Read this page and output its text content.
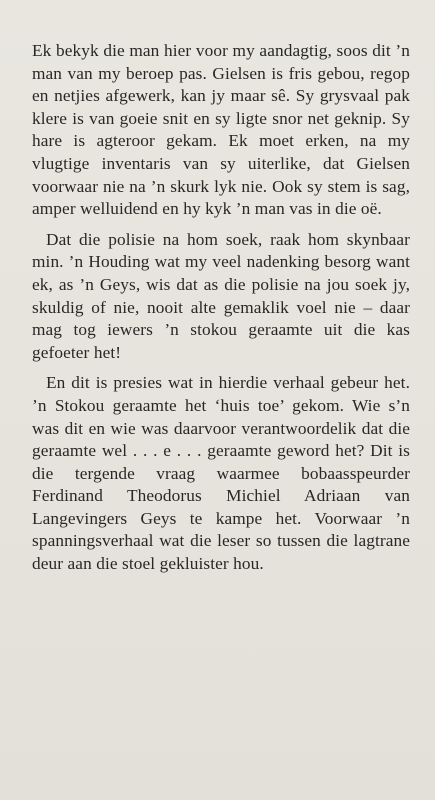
Ek bekyk die man hier voor my aandagtig, soos dit ’n man van my beroep pas. Gielsen is fris gebou, regop en netjies afgewerk, kan jy maar sê. Sy grysvaal pak klere is van goeie snit en sy ligte snor net geknip. Sy hare is agteroor gekam. Ek moet erken, na my vlugtige inventaris van sy uiterlike, dat Gielsen voorwaar nie na ’n skurk lyk nie. Ook sy stem is sag, amper welluidend en hy kyk ’n man vas in die oë.

Dat die polisie na hom soek, raak hom skynbaar min. ’n Houding wat my veel nadenking besorg want ek, as ’n Geys, wis dat as die polisie na jou soek jy, skuldig of nie, nooit alte gemaklik voel nie – daar mag tog iewers ’n stokou geraamte uit die kas gefoeter het!

En dit is presies wat in hierdie verhaal gebeur het. ’n Stokou geraamte het ‘huis toe’ gekom. Wie s’n was dit en wie was daarvoor verantwoordelik dat die geraamte wel . . . e . . . geraamte geword het? Dit is die tergende vraag waarmee bobaasspeurder Ferdinand Theodorus Michiel Adriaan van Langevingers Geys te kampe het. Voorwaar ’n spanningsverhaal wat die leser so tussen die lagtrane deur aan die stoel gekluister hou.
